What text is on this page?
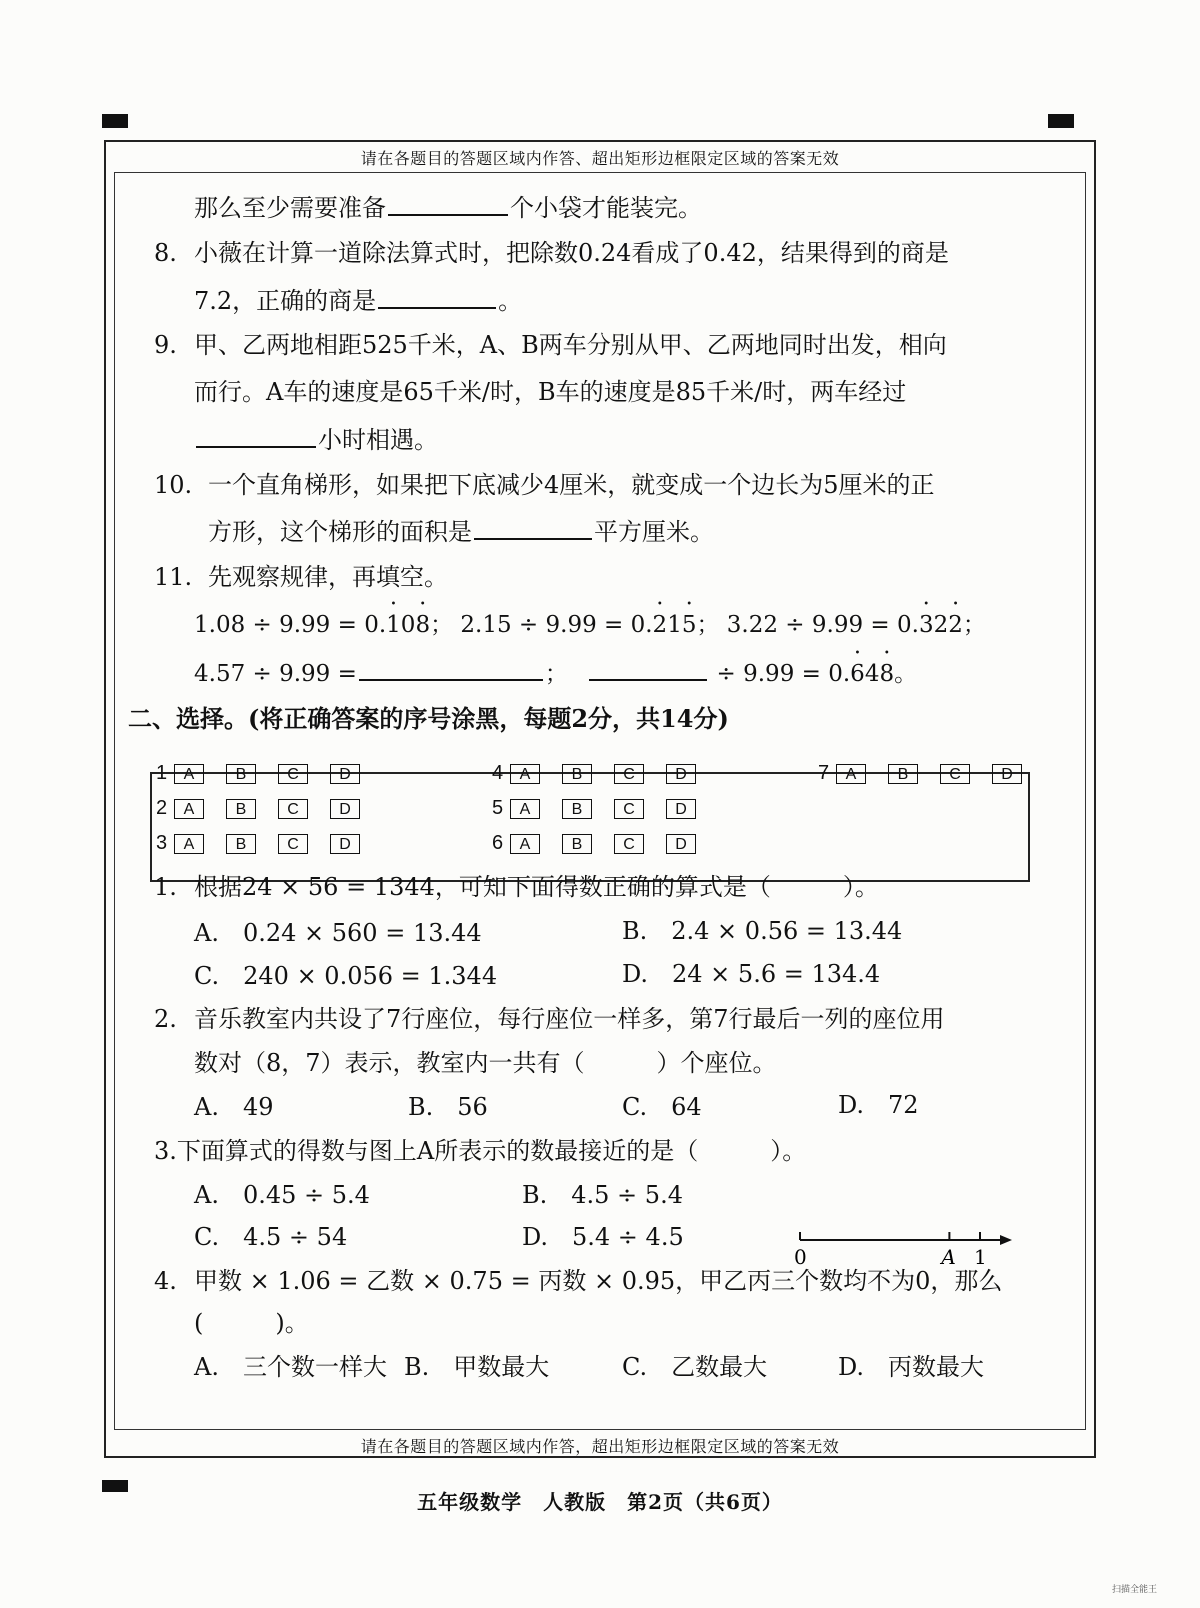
请在各题目的答题区域内作答、超出矩形边框限定区域的答案无效
那么至少需要准备	个小袋才能装完。
8. 小薇在计算一道除法算式时，把除数0.24看成了0.42，结果得到的商是
7.2，正确的商是	。
9. 甲、乙两地相距525千米，A、B两车分别从甲、乙两地同时出发，相向
而行。A车的速度是65千米/时，B车的速度是85千米/时，两车经过
小时相遇。
10. 一个直角梯形，如果把下底减少4厘米，就变成一个边长为5厘米的正
方形，这个梯形的面积是	平方厘米。
11. 先观察规律，再填空。
1.08 ÷ 9.99 = 0.• 10• 8； 2.15 ÷ 9.99 = 0.• 21• 5； 3.22 ÷ 9.99 = 0.• 32• 2；
4.57 ÷ 9.99 =	；	÷ 9.99 = 0.• 64• 8。
二、选择。(将正确答案的序号涂黑，每题2分，共14分)
1	A	B	C	D
2	A	B	C	D
3	A	B	C	D
4	A	B	C	D
5	A	B	C	D
6	A	B	C	D
7	A	B	C	D
1. 根据24 × 56 = 1344，可知下面得数正确的算式是（　　　）。
A.　0.24 × 560 = 13.44	B.　2.4 × 0.56 = 13.44
C.　240 × 0.056 = 1.344	D.　24 × 5.6 = 134.4
2. 音乐教室内共设了7行座位，每行座位一样多，第7行最后一列的座位用
数对（8，7）表示，教室内一共有（　　　）个座位。
A.　49	B.　56	C.　64	D.　72
3.下面算式的得数与图上A所表示的数最接近的是（　　　）。
A.　0.45 ÷ 5.4	B.　4.5 ÷ 5.4
C.　4.5 ÷ 54	D.　5.4 ÷ 4.5
0	A 1
4. 甲数 × 1.06 = 乙数 × 0.75 = 丙数 × 0.95，甲乙丙三个数均不为0，那么
(　　　)。
A.　三个数一样大 B.　甲数最大	C.　乙数最大	D.　丙数最大
请在各题目的答题区域内作答，超出矩形边框限定区域的答案无效
五年级数学　人教版　第2页（共6页）
扫描全能王
